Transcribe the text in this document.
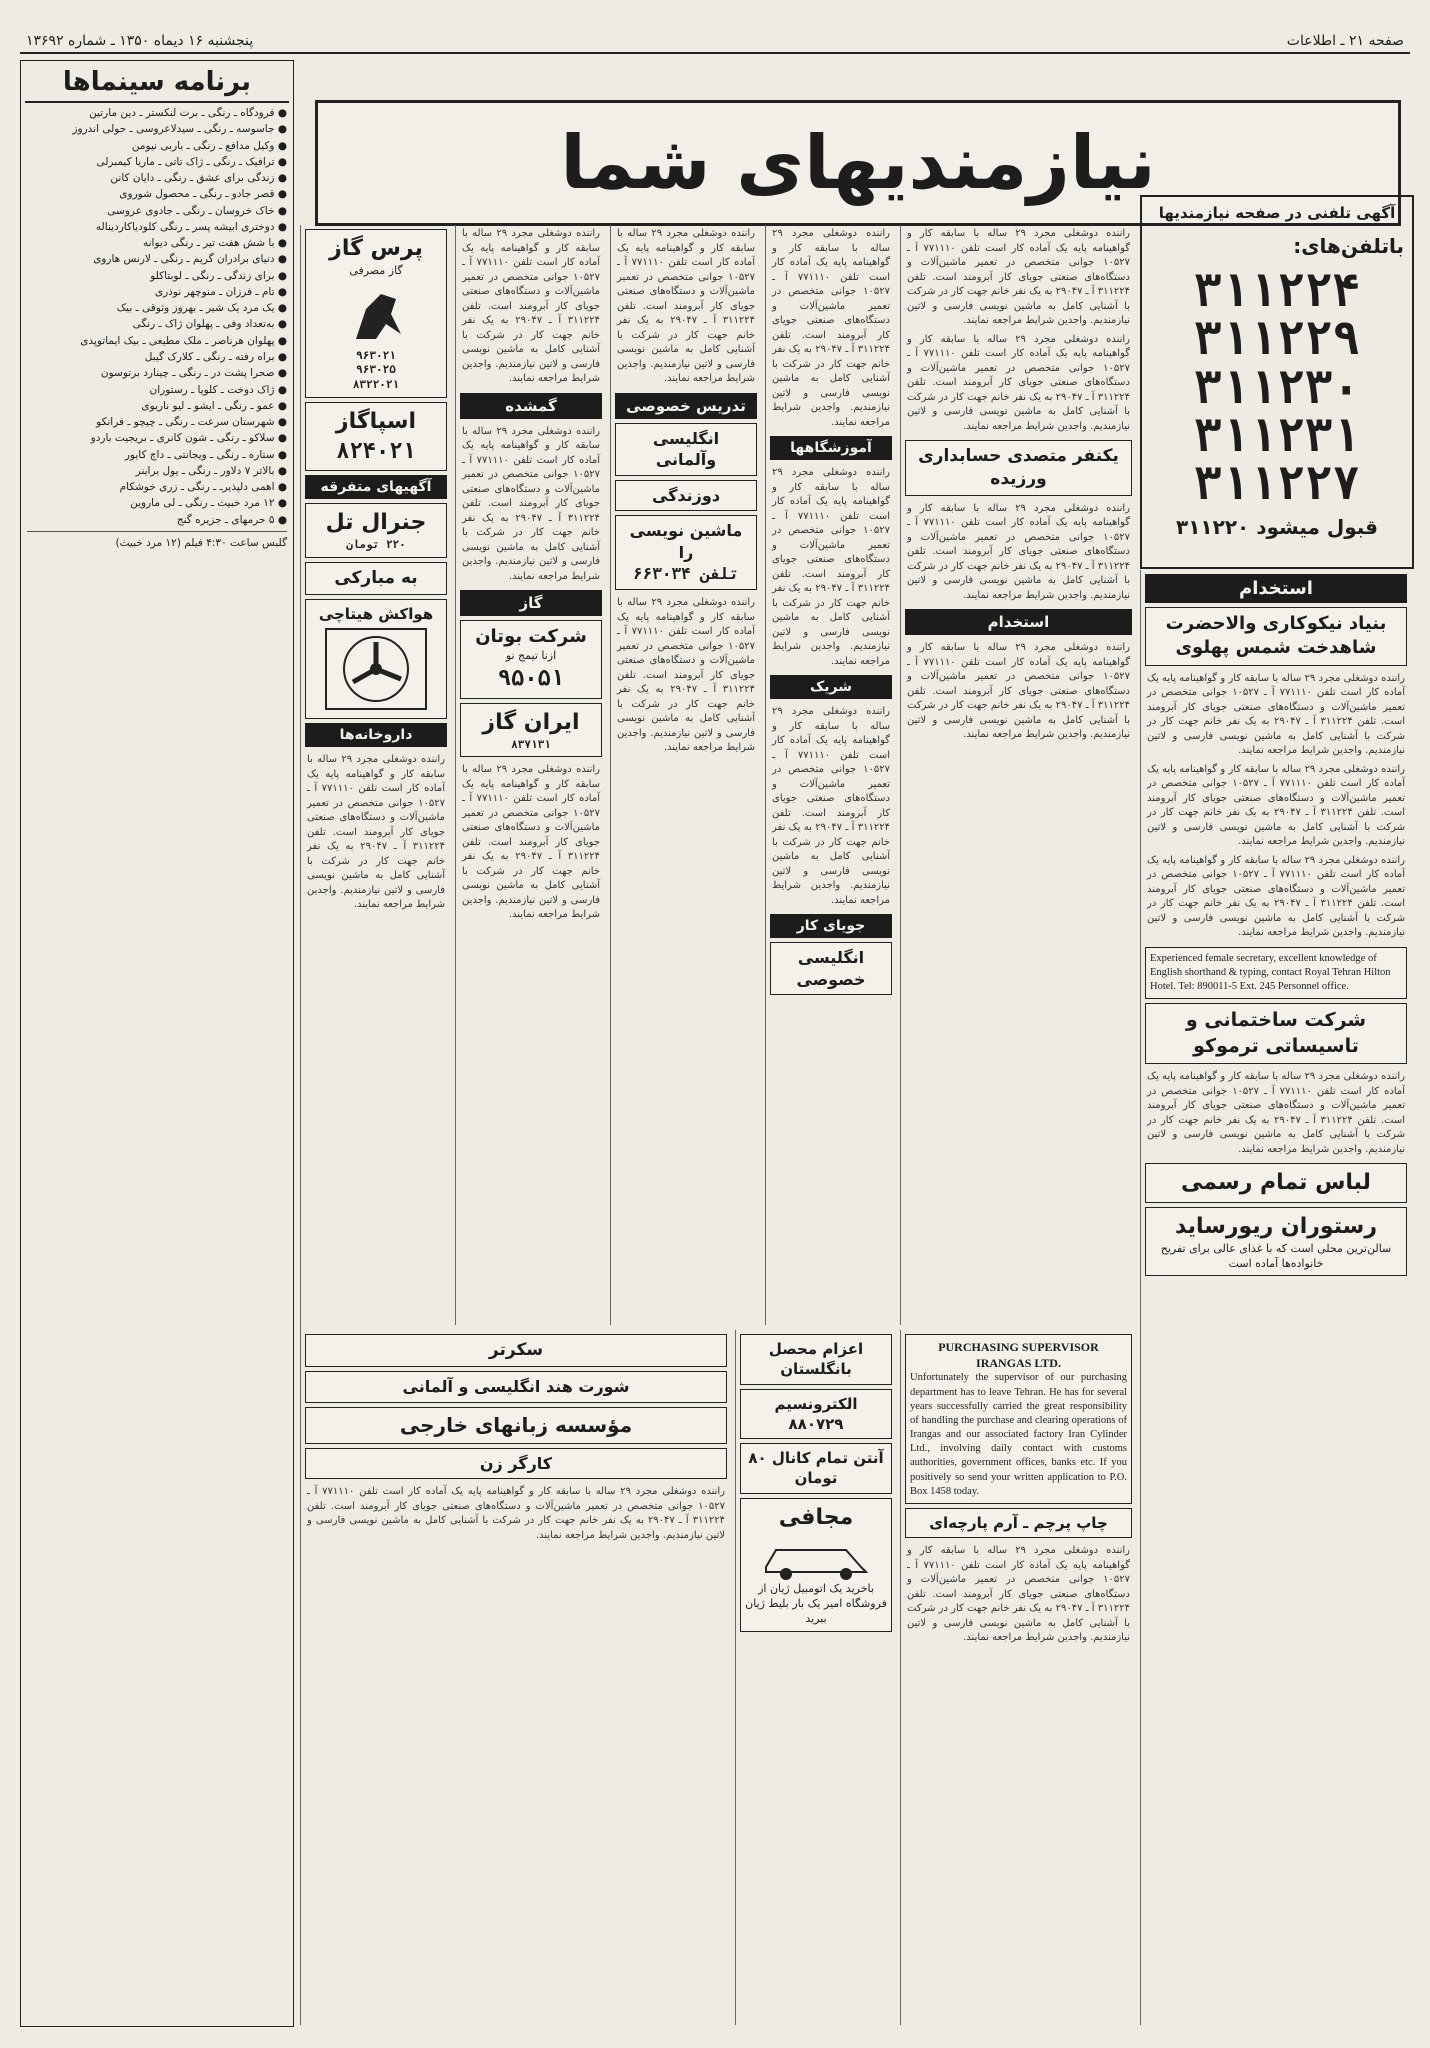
صفحه ۲۱ ـ اطلاعات
پنجشنبه ۱۶ دیماه ۱۳۵۰ ـ شماره ۱۳۶۹۲
برنامه سینماها
● فرودگاه ـ رنگی ـ برت لنکستر ـ دین مارتین
● جاسوسه ـ رنگی ـ سیدلاعروسی ـ حولی اندروز
● وکیل مدافع ـ رنگی ـ باربی نیومن
● ترافیک ـ رنگی ـ ژاک تاتی ـ ماریا کیمبرلی
● زندگی برای عشق ـ رنگی ـ دایان کانن
● قصر جادو ـ رنگی ـ محصول شوروی
● خاک خروسان ـ رنگی ـ جادوی عروسی
● دوختری ابیشه پسر ـ رنگی کلودیاکاردیناله
● با شش هفت تیر ـ رنگی دیوانه
● دنیای برادران گریم ـ رنگی ـ لارنس هاروی
● برای زندگی ـ رنگی ـ لوبتاکلو
● تام ـ فرزان ـ منوچهر نوذری
● یک مرد یک شیر ـ بهروز وثوقی ـ بیک
● به‌تعداد وفی ـ پهلوان ژاک ـ رنگی
● پهلوان هرناصر ـ ملک مطیعی ـ بیک ایماتوپدی
● براه رفته ـ رنگی ـ کلارک گیبل
● صحرا پشت در ـ رنگی ـ چینارد برتوسون
● ژاک دوخت ـ کلوپا ـ رستوران
● عمو ـ رنگی ـ ایشو ـ لیو ناریوی
● شهرستان سرعت ـ رنگی ـ چیچو ـ فرانکو
● سلاکو ـ رنگی ـ شون کانری ـ بریجیت باردو
● ستاره ـ رنگی ـ ویجانتی ـ داچ کایور
● بالاتر ۷ دلاور ـ رنگی ـ یول براینر
● اهمی دلپذیرـ ـ رنگی ـ زری خوشکام
● ۱۲ مرد خبیث ـ رنگی ـ لی ماروین
● ۵ حرمهای ـ جزیره گنج
گلبس ساعت ۴:۳۰ فیلم (۱۲ مرد خبیث)
نیازمندیهای شما
آگهی تلفنی در صفحه نیازمندیها
باتلفن‌های:
۳۱۱۲۲۴
۳۱۱۲۲۹
۳۱۱۲۳۰
۳۱۱۲۳۱
۳۱۱۲۲۷
قبول میشود ۳۱۱۲۲۰
استخدام
بنیاد نیکوکاری والاحضرت شاهدخت شمس پهلوی
راننده دوشغلی مجرد ۲۹ ساله با سابقه کار و گواهینامه پایه یک آماده کار است تلفن ۷۷۱۱۱۰ آ ـ ۱۰۵۲۷ جوانی متخصص در تعمیر ماشین‌آلات و دستگاه‌های صنعتی جویای کار آبرومند است. تلفن ۳۱۱۲۲۴ آ ـ ۲۹۰۴۷ به یک نفر خانم جهت کار در شرکت با آشنایی کامل به ماشین نویسی فارسی و لاتین نیازمندیم. واجدین شرایط مراجعه نمایند.
راننده دوشغلی مجرد ۲۹ ساله با سابقه کار و گواهینامه پایه یک آماده کار است تلفن ۷۷۱۱۱۰ آ ـ ۱۰۵۲۷ جوانی متخصص در تعمیر ماشین‌آلات و دستگاه‌های صنعتی جویای کار آبرومند است. تلفن ۳۱۱۲۲۴ آ ـ ۲۹۰۴۷ به یک نفر خانم جهت کار در شرکت با آشنایی کامل به ماشین نویسی فارسی و لاتین نیازمندیم. واجدین شرایط مراجعه نمایند.
راننده دوشغلی مجرد ۲۹ ساله با سابقه کار و گواهینامه پایه یک آماده کار است تلفن ۷۷۱۱۱۰ آ ـ ۱۰۵۲۷ جوانی متخصص در تعمیر ماشین‌آلات و دستگاه‌های صنعتی جویای کار آبرومند است. تلفن ۳۱۱۲۲۴ آ ـ ۲۹۰۴۷ به یک نفر خانم جهت کار در شرکت با آشنایی کامل به ماشین نویسی فارسی و لاتین نیازمندیم. واجدین شرایط مراجعه نمایند.
Experienced female secretary, excellent knowledge of English shorthand & typing, contact Royal Tehran Hilton Hotel. Tel: 890011-5 Ext. 245 Personnel office.
شرکت ساختمانی و تاسیساتی ترموکو
راننده دوشغلی مجرد ۲۹ ساله با سابقه کار و گواهینامه پایه یک آماده کار است تلفن ۷۷۱۱۱۰ آ ـ ۱۰۵۲۷ جوانی متخصص در تعمیر ماشین‌آلات و دستگاه‌های صنعتی جویای کار آبرومند است. تلفن ۳۱۱۲۲۴ آ ـ ۲۹۰۴۷ به یک نفر خانم جهت کار در شرکت با آشنایی کامل به ماشین نویسی فارسی و لاتین نیازمندیم. واجدین شرایط مراجعه نمایند.
لباس تمام رسمی
رستوران ریورساید
سالن‌ترین محلی است که با غذای عالی برای تفریح خانواده‌ها آماده است
پرس گاز
گاز مصرفی
۹۶۳۰۲۱
۹۶۳۰۲۵
۸۳۲۲۰۲۱
اسپاگاز
۸۲۴۰۲۱
آگهیهای متفرقه
جنرال تل
۲۲۰ تومان
به مبارکی
هواکش هیتاچی
داروخانه‌ها
راننده دوشغلی مجرد ۲۹ ساله با سابقه کار و گواهینامه پایه یک آماده کار است تلفن ۷۷۱۱۱۰ آ ـ ۱۰۵۲۷ جوانی متخصص در تعمیر ماشین‌آلات و دستگاه‌های صنعتی جویای کار آبرومند است. تلفن ۳۱۱۲۲۴ آ ـ ۲۹۰۴۷ به یک نفر خانم جهت کار در شرکت با آشنایی کامل به ماشین نویسی فارسی و لاتین نیازمندیم. واجدین شرایط مراجعه نمایند.
راننده دوشغلی مجرد ۲۹ ساله با سابقه کار و گواهینامه پایه یک آماده کار است تلفن ۷۷۱۱۱۰ آ ـ ۱۰۵۲۷ جوانی متخصص در تعمیر ماشین‌آلات و دستگاه‌های صنعتی جویای کار آبرومند است. تلفن ۳۱۱۲۲۴ آ ـ ۲۹۰۴۷ به یک نفر خانم جهت کار در شرکت با آشنایی کامل به ماشین نویسی فارسی و لاتین نیازمندیم. واجدین شرایط مراجعه نمایند.
گمشده
راننده دوشغلی مجرد ۲۹ ساله با سابقه کار و گواهینامه پایه یک آماده کار است تلفن ۷۷۱۱۱۰ آ ـ ۱۰۵۲۷ جوانی متخصص در تعمیر ماشین‌آلات و دستگاه‌های صنعتی جویای کار آبرومند است. تلفن ۳۱۱۲۲۴ آ ـ ۲۹۰۴۷ به یک نفر خانم جهت کار در شرکت با آشنایی کامل به ماشین نویسی فارسی و لاتین نیازمندیم. واجدین شرایط مراجعه نمایند.
گاز
شرکت بوتان
ازنا تیمج نو
۹۵۰۵۱
ایران گاز
۸۳۷۱۳۱
راننده دوشغلی مجرد ۲۹ ساله با سابقه کار و گواهینامه پایه یک آماده کار است تلفن ۷۷۱۱۱۰ آ ـ ۱۰۵۲۷ جوانی متخصص در تعمیر ماشین‌آلات و دستگاه‌های صنعتی جویای کار آبرومند است. تلفن ۳۱۱۲۲۴ آ ـ ۲۹۰۴۷ به یک نفر خانم جهت کار در شرکت با آشنایی کامل به ماشین نویسی فارسی و لاتین نیازمندیم. واجدین شرایط مراجعه نمایند.
راننده دوشغلی مجرد ۲۹ ساله با سابقه کار و گواهینامه پایه یک آماده کار است تلفن ۷۷۱۱۱۰ آ ـ ۱۰۵۲۷ جوانی متخصص در تعمیر ماشین‌آلات و دستگاه‌های صنعتی جویای کار آبرومند است. تلفن ۳۱۱۲۲۴ آ ـ ۲۹۰۴۷ به یک نفر خانم جهت کار در شرکت با آشنایی کامل به ماشین نویسی فارسی و لاتین نیازمندیم. واجدین شرایط مراجعه نمایند.
تدریس خصوصی
انگلیسی وآلمانی
دوزندگی
ماشین نویسی را
تلفن ۶۶۳۰۳۴
راننده دوشغلی مجرد ۲۹ ساله با سابقه کار و گواهینامه پایه یک آماده کار است تلفن ۷۷۱۱۱۰ آ ـ ۱۰۵۲۷ جوانی متخصص در تعمیر ماشین‌آلات و دستگاه‌های صنعتی جویای کار آبرومند است. تلفن ۳۱۱۲۲۴ آ ـ ۲۹۰۴۷ به یک نفر خانم جهت کار در شرکت با آشنایی کامل به ماشین نویسی فارسی و لاتین نیازمندیم. واجدین شرایط مراجعه نمایند.
راننده دوشغلی مجرد ۲۹ ساله با سابقه کار و گواهینامه پایه یک آماده کار است تلفن ۷۷۱۱۱۰ آ ـ ۱۰۵۲۷ جوانی متخصص در تعمیر ماشین‌آلات و دستگاه‌های صنعتی جویای کار آبرومند است. تلفن ۳۱۱۲۲۴ آ ـ ۲۹۰۴۷ به یک نفر خانم جهت کار در شرکت با آشنایی کامل به ماشین نویسی فارسی و لاتین نیازمندیم. واجدین شرایط مراجعه نمایند.
آموزشگاهها
راننده دوشغلی مجرد ۲۹ ساله با سابقه کار و گواهینامه پایه یک آماده کار است تلفن ۷۷۱۱۱۰ آ ـ ۱۰۵۲۷ جوانی متخصص در تعمیر ماشین‌آلات و دستگاه‌های صنعتی جویای کار آبرومند است. تلفن ۳۱۱۲۲۴ آ ـ ۲۹۰۴۷ به یک نفر خانم جهت کار در شرکت با آشنایی کامل به ماشین نویسی فارسی و لاتین نیازمندیم. واجدین شرایط مراجعه نمایند.
شریک
راننده دوشغلی مجرد ۲۹ ساله با سابقه کار و گواهینامه پایه یک آماده کار است تلفن ۷۷۱۱۱۰ آ ـ ۱۰۵۲۷ جوانی متخصص در تعمیر ماشین‌آلات و دستگاه‌های صنعتی جویای کار آبرومند است. تلفن ۳۱۱۲۲۴ آ ـ ۲۹۰۴۷ به یک نفر خانم جهت کار در شرکت با آشنایی کامل به ماشین نویسی فارسی و لاتین نیازمندیم. واجدین شرایط مراجعه نمایند.
جویای کار
انگلیسی خصوصی
راننده دوشغلی مجرد ۲۹ ساله با سابقه کار و گواهینامه پایه یک آماده کار است تلفن ۷۷۱۱۱۰ آ ـ ۱۰۵۲۷ جوانی متخصص در تعمیر ماشین‌آلات و دستگاه‌های صنعتی جویای کار آبرومند است. تلفن ۳۱۱۲۲۴ آ ـ ۲۹۰۴۷ به یک نفر خانم جهت کار در شرکت با آشنایی کامل به ماشین نویسی فارسی و لاتین نیازمندیم. واجدین شرایط مراجعه نمایند.
راننده دوشغلی مجرد ۲۹ ساله با سابقه کار و گواهینامه پایه یک آماده کار است تلفن ۷۷۱۱۱۰ آ ـ ۱۰۵۲۷ جوانی متخصص در تعمیر ماشین‌آلات و دستگاه‌های صنعتی جویای کار آبرومند است. تلفن ۳۱۱۲۲۴ آ ـ ۲۹۰۴۷ به یک نفر خانم جهت کار در شرکت با آشنایی کامل به ماشین نویسی فارسی و لاتین نیازمندیم. واجدین شرایط مراجعه نمایند.
یکنفر متصدی حسابداری ورزیده
راننده دوشغلی مجرد ۲۹ ساله با سابقه کار و گواهینامه پایه یک آماده کار است تلفن ۷۷۱۱۱۰ آ ـ ۱۰۵۲۷ جوانی متخصص در تعمیر ماشین‌آلات و دستگاه‌های صنعتی جویای کار آبرومند است. تلفن ۳۱۱۲۲۴ آ ـ ۲۹۰۴۷ به یک نفر خانم جهت کار در شرکت با آشنایی کامل به ماشین نویسی فارسی و لاتین نیازمندیم. واجدین شرایط مراجعه نمایند.
استخدام
راننده دوشغلی مجرد ۲۹ ساله با سابقه کار و گواهینامه پایه یک آماده کار است تلفن ۷۷۱۱۱۰ آ ـ ۱۰۵۲۷ جوانی متخصص در تعمیر ماشین‌آلات و دستگاه‌های صنعتی جویای کار آبرومند است. تلفن ۳۱۱۲۲۴ آ ـ ۲۹۰۴۷ به یک نفر خانم جهت کار در شرکت با آشنایی کامل به ماشین نویسی فارسی و لاتین نیازمندیم. واجدین شرایط مراجعه نمایند.
سکرتر
شورت هند انگلیسی و آلمانی
مؤسسه زبانهای خارجی
کارگر زن
راننده دوشغلی مجرد ۲۹ ساله با سابقه کار و گواهینامه پایه یک آماده کار است تلفن ۷۷۱۱۱۰ آ ـ ۱۰۵۲۷ جوانی متخصص در تعمیر ماشین‌آلات و دستگاه‌های صنعتی جویای کار آبرومند است. تلفن ۳۱۱۲۲۴ آ ـ ۲۹۰۴۷ به یک نفر خانم جهت کار در شرکت با آشنایی کامل به ماشین نویسی فارسی و لاتین نیازمندیم. واجدین شرایط مراجعه نمایند.
اعزام محصل بانگلستان
الکترونسیم ۸۸۰۷۲۹
آنتن تمام کانال ۸۰ تومان
مجافی
باخرید یک اتومبیل ژیان از فروشگاه امیر یک بار بلیط ژیان ببرید
PURCHASING SUPERVISOR IRANGAS LTD.
Unfortunately the supervisor of our purchasing department has to leave Tehran. He has for several years successfully carried the great responsibility of handling the purchase and clearing operations of Irangas and our associated factory Iran Cylinder Ltd., involving daily contact with customs authorities, government offices, banks etc. If you positively so send your written application to P.O. Box 1458 today.
چاپ پرچم ـ آرم پارچه‌ای
راننده دوشغلی مجرد ۲۹ ساله با سابقه کار و گواهینامه پایه یک آماده کار است تلفن ۷۷۱۱۱۰ آ ـ ۱۰۵۲۷ جوانی متخصص در تعمیر ماشین‌آلات و دستگاه‌های صنعتی جویای کار آبرومند است. تلفن ۳۱۱۲۲۴ آ ـ ۲۹۰۴۷ به یک نفر خانم جهت کار در شرکت با آشنایی کامل به ماشین نویسی فارسی و لاتین نیازمندیم. واجدین شرایط مراجعه نمایند.
